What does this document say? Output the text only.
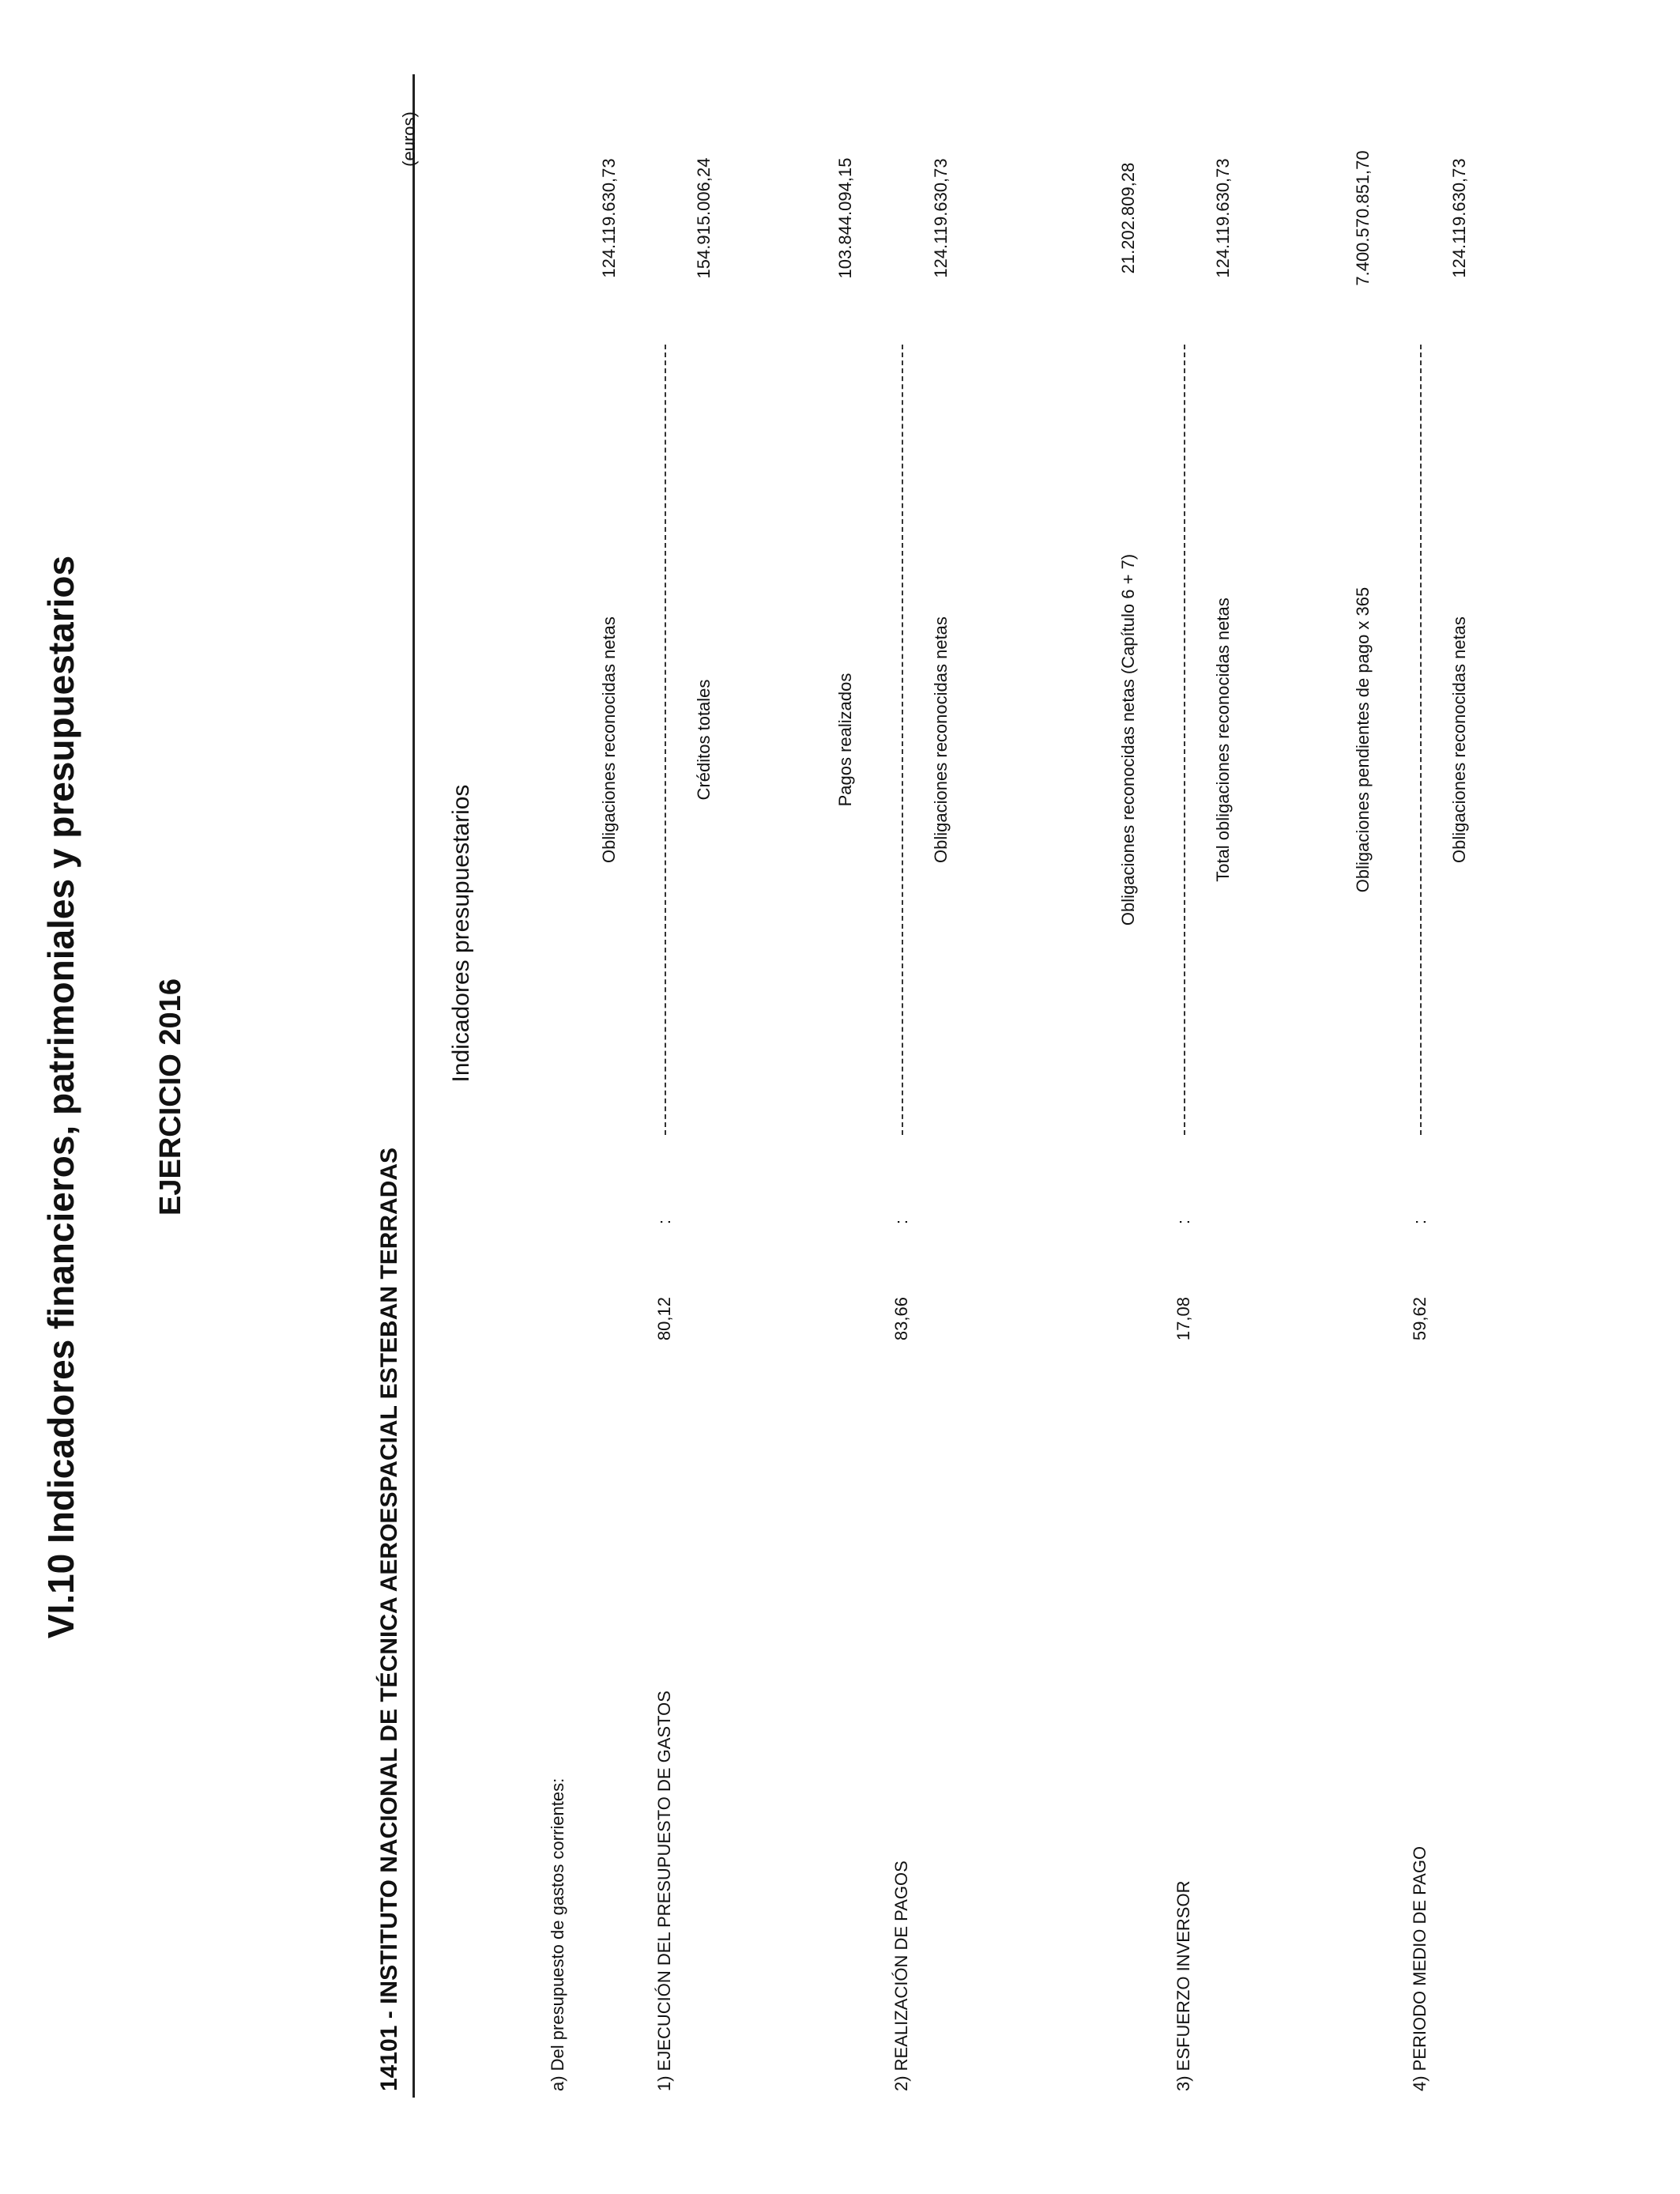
VI.10 Indicadores financieros, patrimoniales y presupuestarios EJERCICIO 2016
14101 - INSTITUTO NACIONAL DE TÉCNICA AEROESPACIAL ESTEBAN TERRADAS
(euros)
Indicadores presupuestarios
a) Del presupuesto de gastos corrientes:
Obligaciones reconocidas netas
124.119.630,73
1) EJECUCIÓN DEL PRESUPUESTO DE GASTOS
80,12
:
Créditos totales
154.915.006,24
Pagos realizados
103.844.094,15
2) REALIZACIÓN DE PAGOS
83,66
:
Obligaciones reconocidas netas
124.119.630,73
Obligaciones reconocidas netas (Capítulo 6 + 7)
21.202.809,28
3) ESFUERZO INVERSOR
17,08
:
Total obligaciones reconocidas netas
124.119.630,73
Obligaciones pendientes de pago x 365
7.400.570.851,70
4) PERIODO MEDIO DE PAGO
59,62
:
Obligaciones reconocidas netas
124.119.630,73
